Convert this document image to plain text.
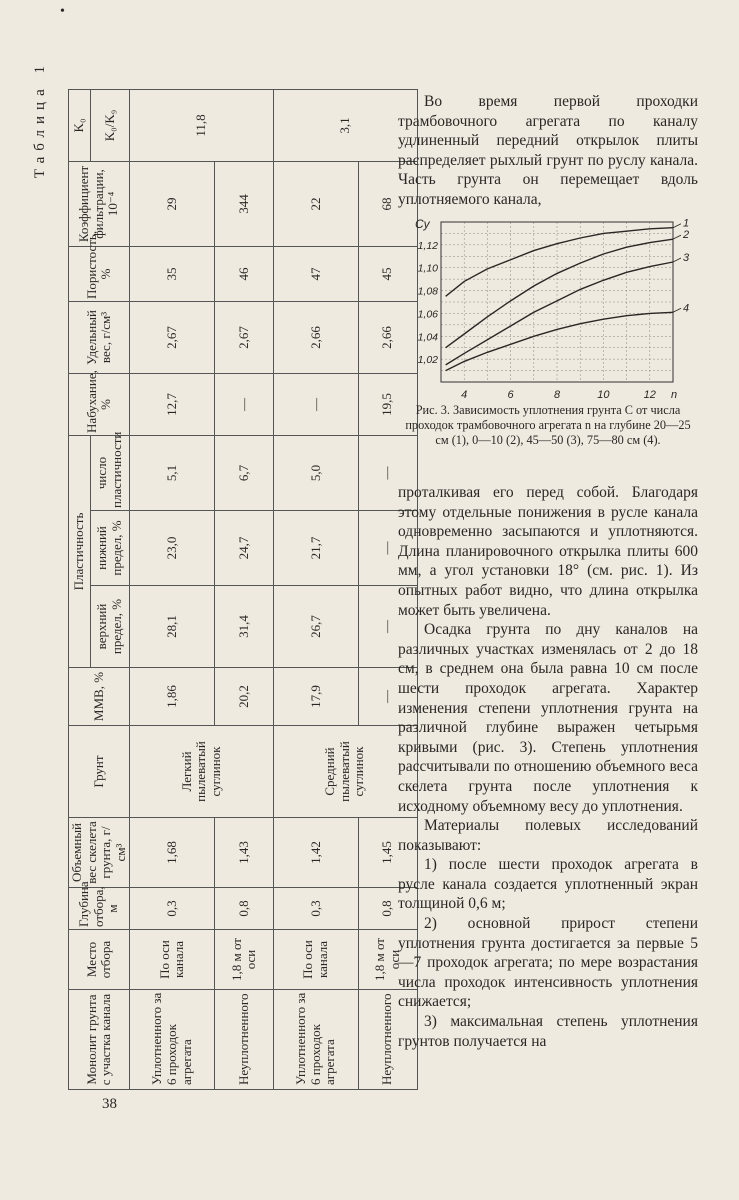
•
Таблица 1
Монолит грунта с участка канала	Место отбора	Глубина отбора, м	Объемный вес скелета грунта, г/см³	Грунт	ММВ, %	Пластичность			Набухание, %	Удельный вес, г/см³	Пористость, %	Коэффициент фильтрации, 10⁻⁴	K₀
						верхний предел, %	нижний предел, %	число пластичности					K₀/K₉
Уплотненного за 6 проходок агрегата	По оси канала	0,3	1,68	Легкий пылеватый суглинок	1,86	28,1	23,0	5,1	12,7	2,67	35	29	11,8
Неуплотненного	1,8 м от оси	0,8	1,43		20,2	31,4	24,7	6,7	—	2,67	46	344	
Уплотненного за 6 проходок агрегата	По оси канала	0,3	1,42	Средний пылеватый суглинок	17,9	26,7	21,7	5,0	—	2,66	47	22	3,1
Неуплотненного	1,8 м от оси	0,8	1,45		—	—	—	—	19,5	2,66	45	68	

Во время первой проходки трамбовочного агрегата по каналу удлиненный передний открылок плиты распределяет рыхлый грунт по руслу канала. Часть грунта он перемещает вдоль уплотняемого канала,

4	6	8	10	12
1,02
1,04
1,06
1,08
1,10
1,12
Cу
n
1
2
3
4
Рис. 3. Зависимость уплотнения грунта C от числа проходок трамбовочного агрегата n на глубине 20—25 см (1), 0—10 (2), 45—50 (3), 75—80 см (4).

проталкивая его перед собой. Благодаря этому отдельные понижения в русле канала одновременно засыпаются и уплотняются. Длина планировочного открылка плиты 600 мм, а угол установки 18° (см. рис. 1). Из опытных работ видно, что длина открылка может быть увеличена.

Осадка грунта по дну каналов на различных участках изменялась от 2 до 18 см, в среднем она была равна 10 см после шести проходок агрегата. Характер изменения степени уплотнения грунта на различной глубине выражен четырьмя кривыми (рис. 3). Степень уплотнения рассчитывали по отношению объемного веса скелета грунта после уплотнения к исходному объемному весу до уплотнения.

Материалы полевых исследований показывают:

1) после шести проходок агрегата в русле канала создается уплотненный экран толщиной 0,6 м;

2) основной прирост степени уплотнения грунта достигается за первые 5—7 проходок агрегата; по мере возрастания числа проходок интенсивность уплотнения снижается;

3) максимальная степень уплотнения грунтов получается на

38
